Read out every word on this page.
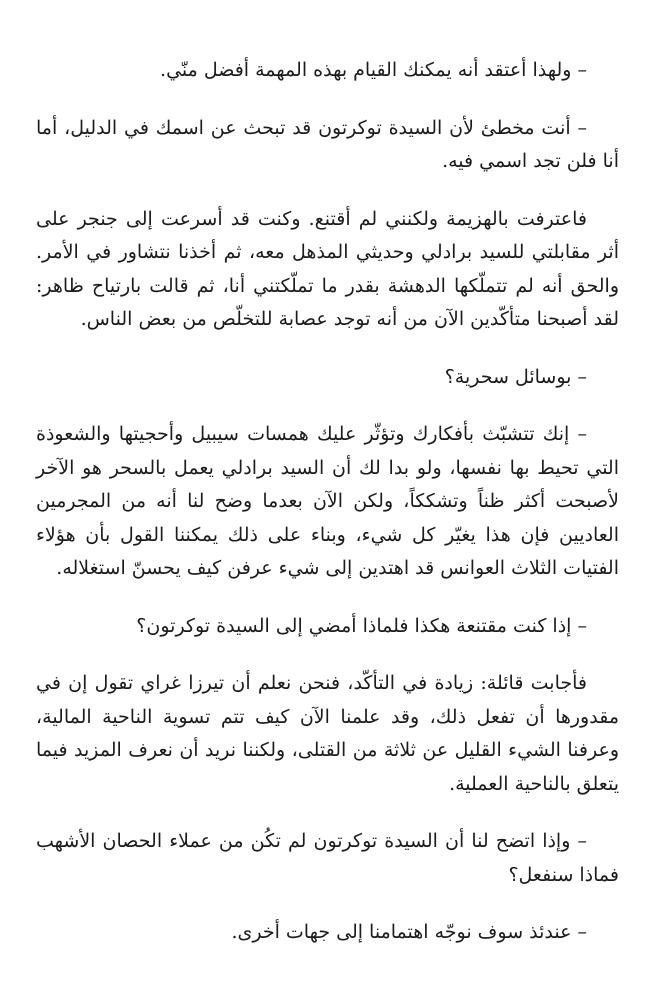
– ولهذا أعتقد أنه يمكنك القيام بهذه المهمة أفضل منّي.

– أنت مخطئ لأن السيدة توكرتون قد تبحث عن اسمك في الدليل، أما أنا فلن تجد اسمي فيه.

فاعترفت بالهزيمة ولكنني لم أقتنع. وكنت قد أسرعت إلى جنجر على أثر مقابلتي للسيد برادلي وحديثي المذهل معه، ثم أخذنا نتشاور في الأمر. والحق أنه لم تتملّكها الدهشة بقدر ما تملّكتني أنا، ثم قالت بارتياح ظاهر: لقد أصبحنا متأكّدين الآن من أنه توجد عصابة للتخلّص من بعض الناس.

– بوسائل سحرية؟

– إنك تتشبّث بأفكارك وتؤثّر عليك همسات سيبيل وأحجيتها والشعوذة التي تحيط بها نفسها، ولو بدا لك أن السيد برادلي يعمل بالسحر هو الآخر لأصبحت أكثر ظناً وتشككاً، ولكن الآن بعدما وضح لنا أنه من المجرمين العاديين فإن هذا يغيّر كل شيء، وبناء على ذلك يمكننا القول بأن هؤلاء الفتيات الثلاث العوانس قد اهتدين إلى شيء عرفن كيف يحسنّ استغلاله.

– إذا كنت مقتنعة هكذا فلماذا أمضي إلى السيدة توكرتون؟

فأجابت قائلة: زيادة في التأكّد، فنحن نعلم أن تيرزا غراي تقول إن في مقدورها أن تفعل ذلك، وقد علمنا الآن كيف تتم تسوية الناحية المالية، وعرفنا الشيء القليل عن ثلاثة من القتلى، ولكننا نريد أن نعرف المزيد فيما يتعلق بالناحية العملية.

– وإذا اتضح لنا أن السيدة توكرتون لم تكُن من عملاء الحصان الأشهب فماذا سنفعل؟

– عندئذ سوف نوجّه اهتمامنا إلى جهات أخرى.
